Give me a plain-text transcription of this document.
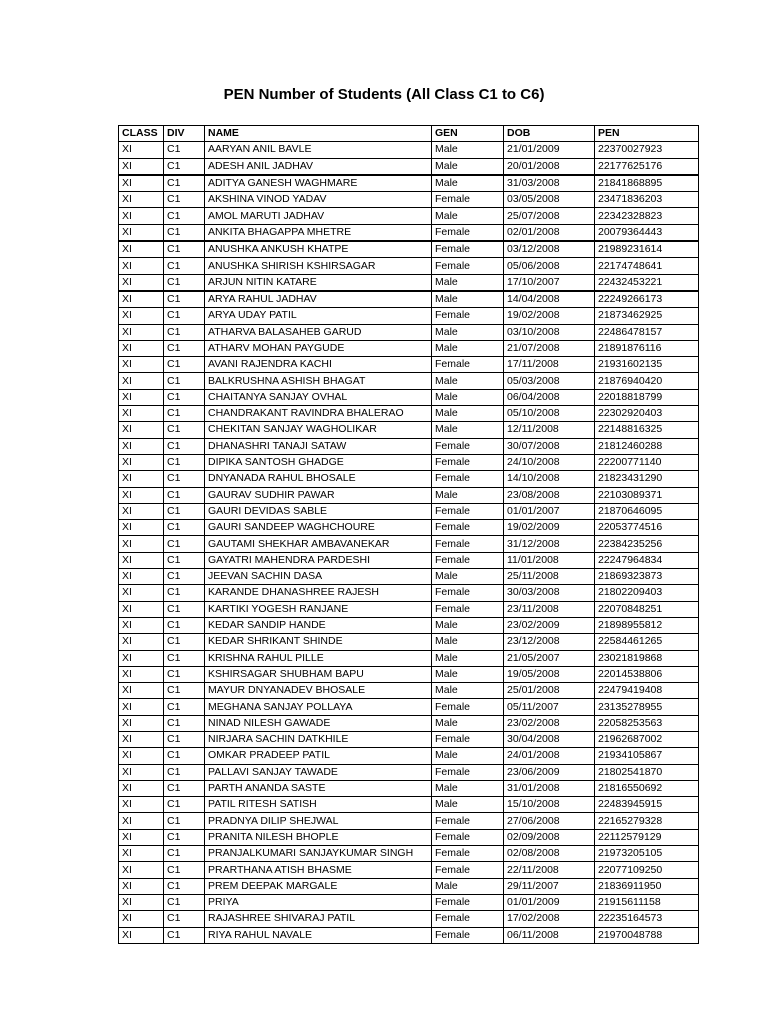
PEN Number of Students (All Class C1 to C6)
CLASS	DIV	NAME	GEN	DOB	PEN
XI	C1	AARYAN ANIL BAVLE	Male	21/01/2009	22370027923
XI	C1	ADESH ANIL JADHAV	Male	20/01/2008	22177625176
XI	C1	ADITYA GANESH WAGHMARE	Male	31/03/2008	21841868895
XI	C1	AKSHINA VINOD YADAV	Female	03/05/2008	23471836203
XI	C1	AMOL MARUTI JADHAV	Male	25/07/2008	22342328823
XI	C1	ANKITA BHAGAPPA MHETRE	Female	02/01/2008	20079364443
XI	C1	ANUSHKA ANKUSH KHATPE	Female	03/12/2008	21989231614
XI	C1	ANUSHKA SHIRISH KSHIRSAGAR	Female	05/06/2008	22174748641
XI	C1	ARJUN NITIN KATARE	Male	17/10/2007	22432453221
XI	C1	ARYA RAHUL JADHAV	Male	14/04/2008	22249266173
XI	C1	ARYA UDAY PATIL	Female	19/02/2008	21873462925
XI	C1	ATHARVA BALASAHEB GARUD	Male	03/10/2008	22486478157
XI	C1	ATHARV MOHAN PAYGUDE	Male	21/07/2008	21891876116
XI	C1	AVANI RAJENDRA KACHI	Female	17/11/2008	21931602135
XI	C1	BALKRUSHNA ASHISH BHAGAT	Male	05/03/2008	21876940420
XI	C1	CHAITANYA SANJAY OVHAL	Male	06/04/2008	22018818799
XI	C1	CHANDRAKANT RAVINDRA BHALERAO	Male	05/10/2008	22302920403
XI	C1	CHEKITAN SANJAY WAGHOLIKAR	Male	12/11/2008	22148816325
XI	C1	DHANASHRI TANAJI SATAW	Female	30/07/2008	21812460288
XI	C1	DIPIKA SANTOSH GHADGE	Female	24/10/2008	22200771140
XI	C1	DNYANADA RAHUL BHOSALE	Female	14/10/2008	21823431290
XI	C1	GAURAV SUDHIR PAWAR	Male	23/08/2008	22103089371
XI	C1	GAURI DEVIDAS SABLE	Female	01/01/2007	21870646095
XI	C1	GAURI SANDEEP WAGHCHOURE	Female	19/02/2009	22053774516
XI	C1	GAUTAMI SHEKHAR AMBAVANEKAR	Female	31/12/2008	22384235256
XI	C1	GAYATRI MAHENDRA PARDESHI	Female	11/01/2008	22247964834
XI	C1	JEEVAN SACHIN DASA	Male	25/11/2008	21869323873
XI	C1	KARANDE DHANASHREE RAJESH	Female	30/03/2008	21802209403
XI	C1	KARTIKI YOGESH RANJANE	Female	23/11/2008	22070848251
XI	C1	KEDAR SANDIP HANDE	Male	23/02/2009	21898955812
XI	C1	KEDAR SHRIKANT SHINDE	Male	23/12/2008	22584461265
XI	C1	KRISHNA RAHUL PILLE	Male	21/05/2007	23021819868
XI	C1	KSHIRSAGAR SHUBHAM BAPU	Male	19/05/2008	22014538806
XI	C1	MAYUR DNYANADEV BHOSALE	Male	25/01/2008	22479419408
XI	C1	MEGHANA SANJAY POLLAYA	Female	05/11/2007	23135278955
XI	C1	NINAD NILESH GAWADE	Male	23/02/2008	22058253563
XI	C1	NIRJARA SACHIN DATKHILE	Female	30/04/2008	21962687002
XI	C1	OMKAR PRADEEP PATIL	Male	24/01/2008	21934105867
XI	C1	PALLAVI SANJAY TAWADE	Female	23/06/2009	21802541870
XI	C1	PARTH ANANDA SASTE	Male	31/01/2008	21816550692
XI	C1	PATIL RITESH SATISH	Male	15/10/2008	22483945915
XI	C1	PRADNYA DILIP SHEJWAL	Female	27/06/2008	22165279328
XI	C1	PRANITA NILESH BHOPLE	Female	02/09/2008	22112579129
XI	C1	PRANJALKUMARI SANJAYKUMAR SINGH	Female	02/08/2008	21973205105
XI	C1	PRARTHANA ATISH BHASME	Female	22/11/2008	22077109250
XI	C1	PREM DEEPAK MARGALE	Male	29/11/2007	21836911950
XI	C1	PRIYA	Female	01/01/2009	21915611158
XI	C1	RAJASHREE SHIVARAJ PATIL	Female	17/02/2008	22235164573
XI	C1	RIYA RAHUL NAVALE	Female	06/11/2008	21970048788
